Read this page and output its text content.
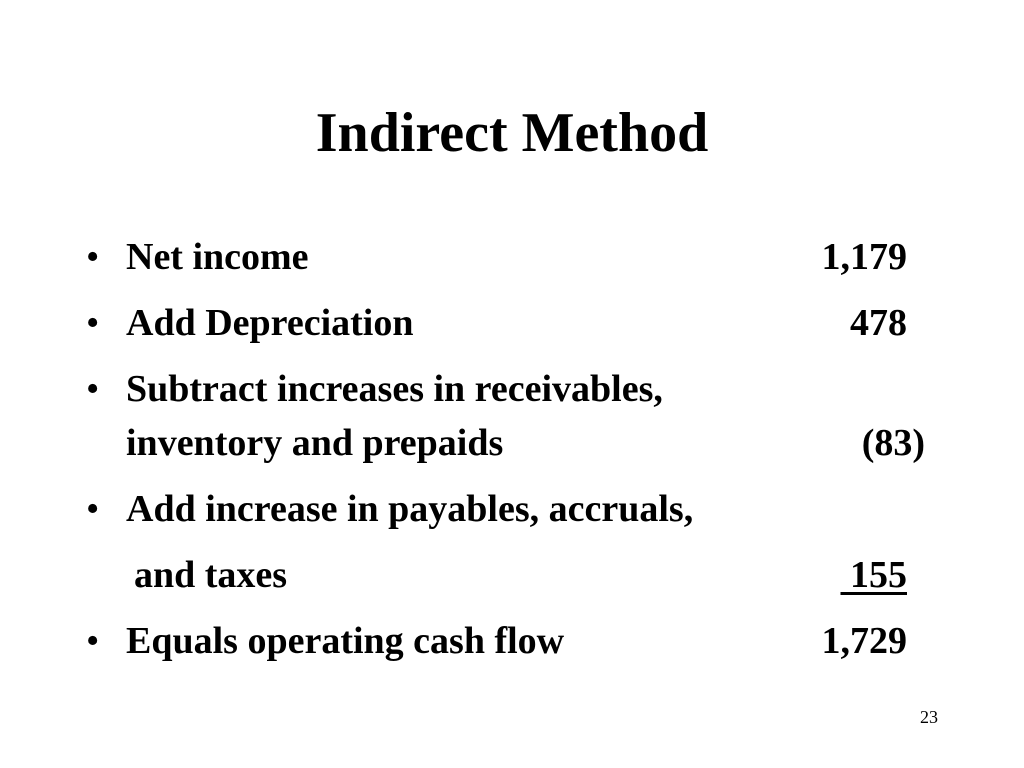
Indirect Method
• Net income	1,179
• Add Depreciation	478
• Subtract increases in receivables,
inventory and prepaids	(83)
• Add increase in payables, accruals,
and taxes	155
• Equals operating cash flow	1,729
23
